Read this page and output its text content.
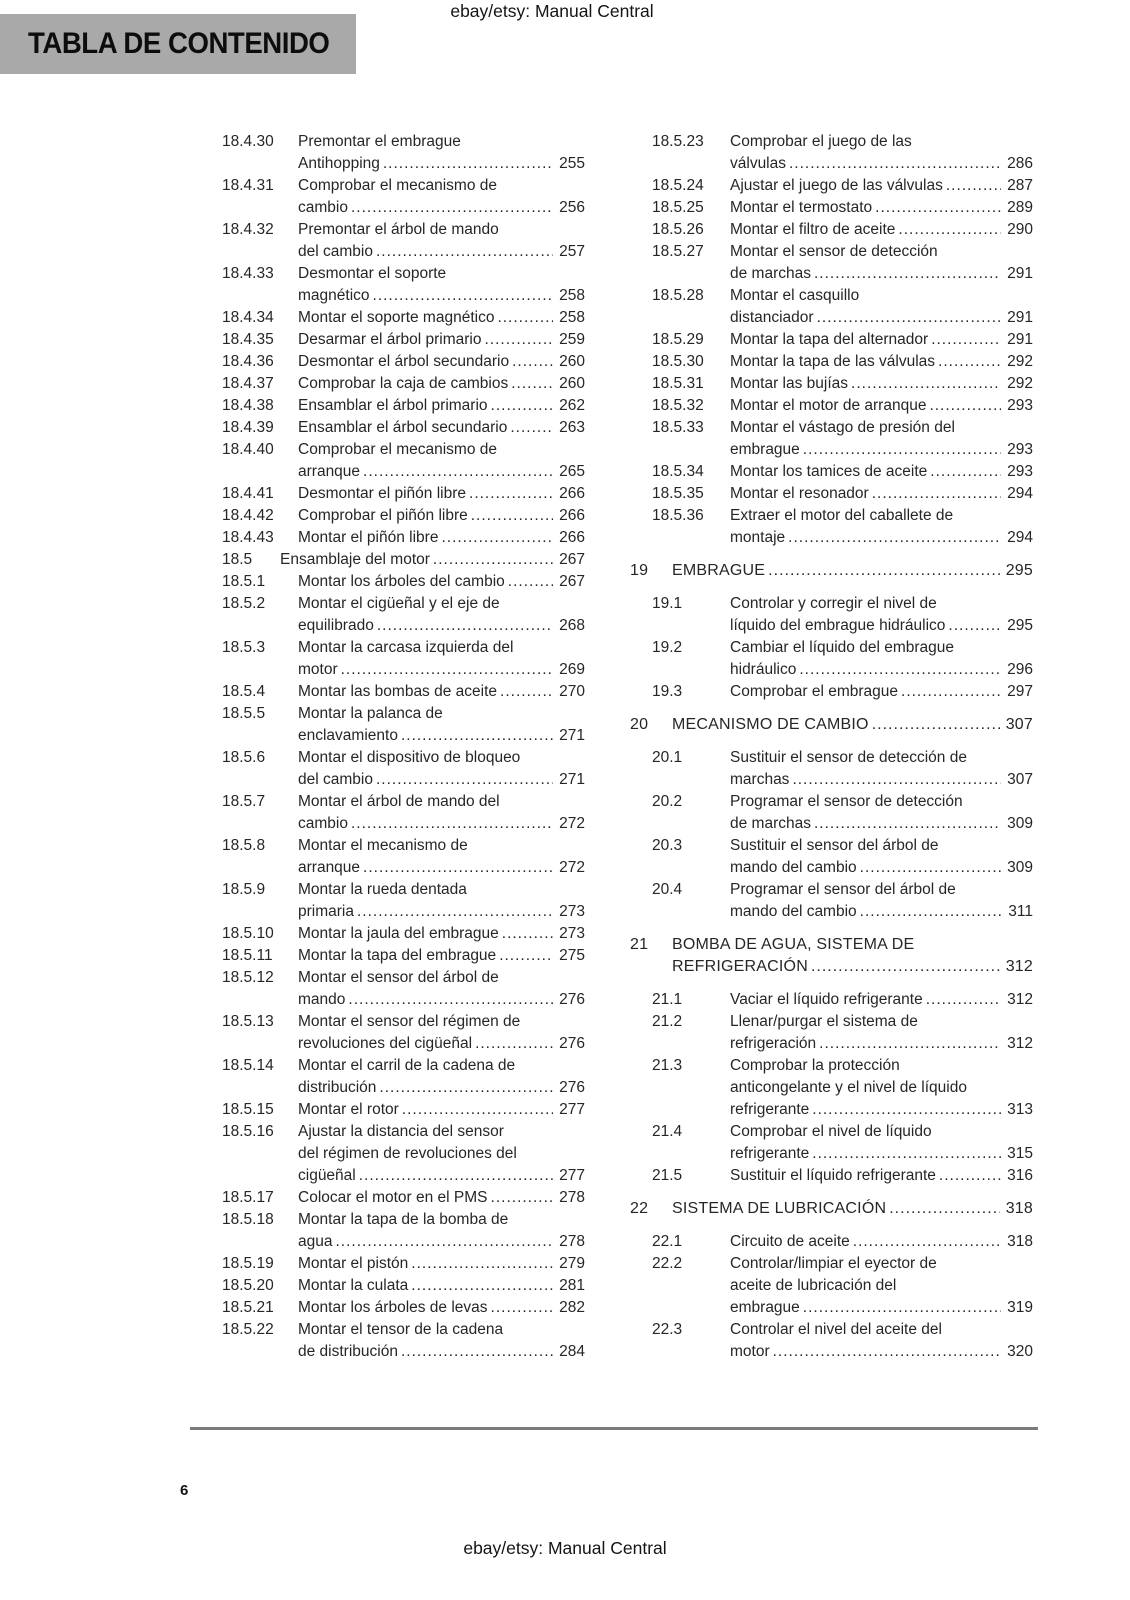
ebay/etsy: Manual Central
TABLA DE CONTENIDO
18.4.30	Premontar el embrague
Antihopping .....	255
18.4.31	Comprobar el mecanismo de
cambio .....	256
18.4.32	Premontar el árbol de mando
del cambio .....	257
18.4.33	Desmontar el soporte
magnético .....	258
18.4.34	Montar el soporte magnético .....	258
18.4.35	Desarmar el árbol primario .....	259
18.4.36	Desmontar el árbol secundario .....	260
18.4.37	Comprobar la caja de cambios .....	260
18.4.38	Ensamblar el árbol primario .....	262
18.4.39	Ensamblar el árbol secundario .....	263
18.4.40	Comprobar el mecanismo de
arranque .....	265
18.4.41	Desmontar el piñón libre .....	266
18.4.42	Comprobar el piñón libre .....	266
18.4.43	Montar el piñón libre .....	266
18.5	Ensamblaje del motor .....	267
18.5.1	Montar los árboles del cambio .....	267
18.5.2	Montar el cigüeñal y el eje de
equilibrado .....	268
18.5.3	Montar la carcasa izquierda del
motor .....	269
18.5.4	Montar las bombas de aceite .....	270
18.5.5	Montar la palanca de
enclavamiento .....	271
18.5.6	Montar el dispositivo de bloqueo
del cambio .....	271
18.5.7	Montar el árbol de mando del
cambio .....	272
18.5.8	Montar el mecanismo de
arranque .....	272
18.5.9	Montar la rueda dentada
primaria .....	273
18.5.10	Montar la jaula del embrague .....	273
18.5.11	Montar la tapa del embrague .....	275
18.5.12	Montar el sensor del árbol de
mando .....	276
18.5.13	Montar el sensor del régimen de
revoluciones del cigüeñal .....	276
18.5.14	Montar el carril de la cadena de
distribución .....	276
18.5.15	Montar el rotor .....	277
18.5.16	Ajustar la distancia del sensor
del régimen de revoluciones del
cigüeñal .....	277
18.5.17	Colocar el motor en el PMS .....	278
18.5.18	Montar la tapa de la bomba de
agua .....	278
18.5.19	Montar el pistón .....	279
18.5.20	Montar la culata .....	281
18.5.21	Montar los árboles de levas .....	282
18.5.22	Montar el tensor de la cadena
de distribución .....	284
18.5.23	Comprobar el juego de las
válvulas .....	286
18.5.24	Ajustar el juego de las válvulas .....	287
18.5.25	Montar el termostato .....	289
18.5.26	Montar el filtro de aceite .....	290
18.5.27	Montar el sensor de detección
de marchas .....	291
18.5.28	Montar el casquillo
distanciador .....	291
18.5.29	Montar la tapa del alternador .....	291
18.5.30	Montar la tapa de las válvulas .....	292
18.5.31	Montar las bujías .....	292
18.5.32	Montar el motor de arranque .....	293
18.5.33	Montar el vástago de presión del
embrague .....	293
18.5.34	Montar los tamices de aceite .....	293
18.5.35	Montar el resonador .....	294
18.5.36	Extraer el motor del caballete de
montaje .....	294
19	EMBRAGUE .....	295
19.1	Controlar y corregir el nivel de
líquido del embrague hidráulico .....	295
19.2	Cambiar el líquido del embrague
hidráulico .....	296
19.3	Comprobar el embrague .....	297
20	MECANISMO DE CAMBIO .....	307
20.1	Sustituir el sensor de detección de
marchas .....	307
20.2	Programar el sensor de detección
de marchas .....	309
20.3	Sustituir el sensor del árbol de
mando del cambio .....	309
20.4	Programar el sensor del árbol de
mando del cambio .....	311
21	BOMBA DE AGUA, SISTEMA DE
REFRIGERACIÓN .....	312
21.1	Vaciar el líquido refrigerante .....	312
21.2	Llenar/purgar el sistema de
refrigeración .....	312
21.3	Comprobar la protección
anticongelante y el nivel de líquido
refrigerante .....	313
21.4	Comprobar el nivel de líquido
refrigerante .....	315
21.5	Sustituir el líquido refrigerante .....	316
22	SISTEMA DE LUBRICACIÓN .....	318
22.1	Circuito de aceite .....	318
22.2	Controlar/limpiar el eyector de
aceite de lubricación del
embrague .....	319
22.3	Controlar el nivel del aceite del
motor .....	320
6
ebay/etsy: Manual Central
